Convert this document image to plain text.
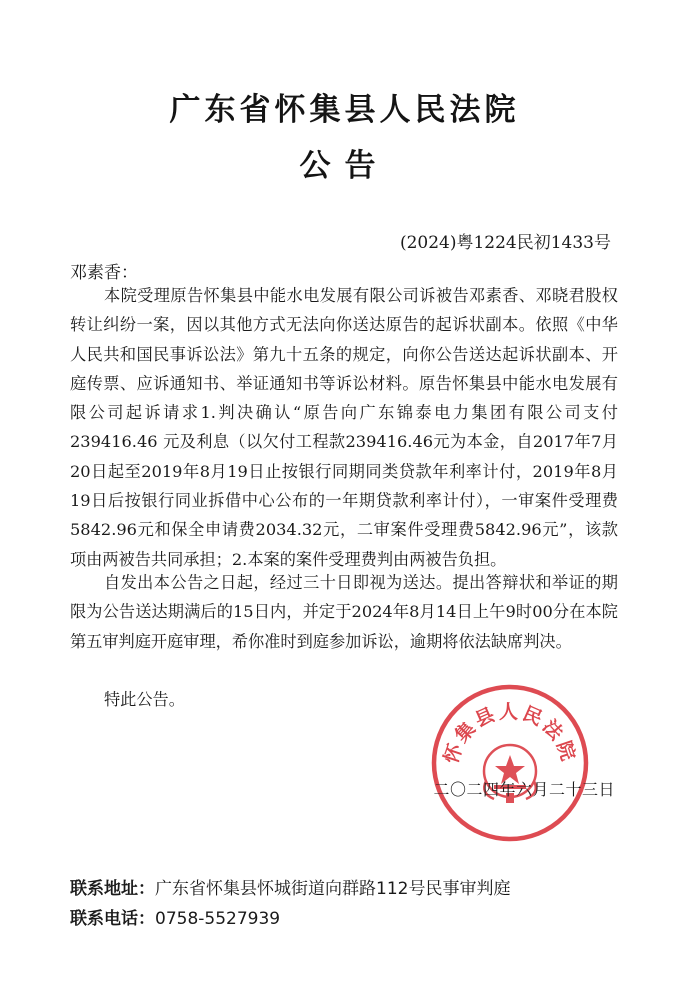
广东省怀集县人民法院
公告
(2024)粤1224民初1433号
邓素香：

本院受理原告怀集县中能水电发展有限公司诉被告邓素香、邓晓君股权转让纠纷一案，因以其他方式无法向你送达原告的起诉状副本。依照《中华人民共和国民事诉讼法》第九十五条的规定，向你公告送达起诉状副本、开庭传票、应诉通知书、举证通知书等诉讼材料。原告怀集县中能水电发展有限公司起诉请求1.判决确认“原告向广东锦泰电力集团有限公司支付 239416.46 元及利息（以欠付工程款239416.46元为本金，自2017年7月20日起至2019年8月19日止按银行同期同类贷款年利率计付，2019年8月19日后按银行同业拆借中心公布的一年期贷款利率计付），一审案件受理费5842.96元和保全申请费2034.32元，二审案件受理费5842.96元”，该款项由两被告共同承担；2.本案的案件受理费判由两被告负担。

自发出本公告之日起，经过三十日即视为送达。提出答辩状和举证的期限为公告送达期满后的15日内，并定于2024年8月14日上午9时00分在本院第五审判庭开庭审理，希你准时到庭参加诉讼，逾期将依法缺席判决。

特此公告。

怀集县人民法院
二〇二四年六月二十三日
联系地址：广东省怀集县怀城街道向群路112号民事审判庭
联系电话：0758-5527939
